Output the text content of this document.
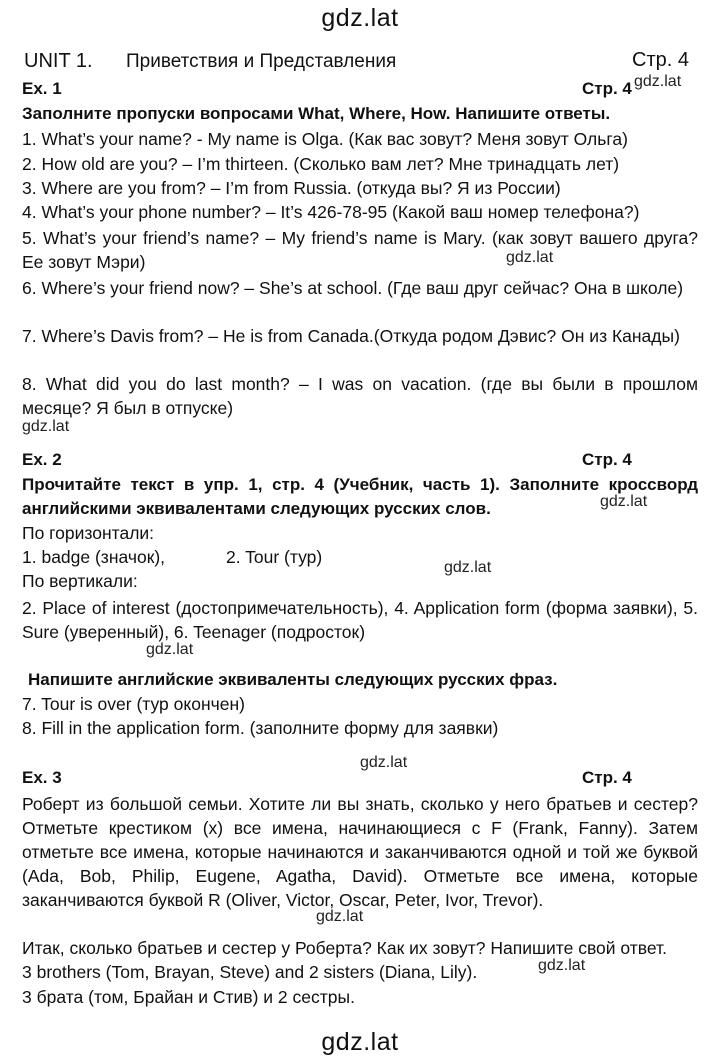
gdz.lat
UNIT 1. Приветствия и Представления	Стр. 4
Ex. 1	Стр. 4 gdz.lat
Заполните пропуски вопросами What, Where, How. Напишите ответы.
1. What’s your name? - My name is Olga. (Как вас зовут? Меня зовут Ольга)
2. How old are you? – I’m thirteen. (Сколько вам лет? Мне тринадцать лет)
3. Where are you from? – I’m from Russia. (откуда вы? Я из России)
4. What’s your phone number? – It’s 426-78-95 (Какой ваш номер телефона?)
5. What’s your friend’s name? – My friend’s name is Mary. (как зовут вашего друга? Ее зовут Мэри)	gdz.lat
6. Where’s your friend now? – She’s at school. (Где ваш друг сейчас? Она в школе)
7. Where’s Davis from? – He is from Canada.(Откуда родом Дэвис? Он из Канады)
8. What did you do last month? – I was on vacation. (где вы были в прошлом месяце? Я был в отпуске)
gdz.lat
Ex. 2	Стр. 4
Прочитайте текст в упр. 1, стр. 4 (Учебник, часть 1). Заполните кроссворд английскими эквивалентами следующих русских слов.	gdz.lat
По горизонтали:
1. badge (значок),	2. Tour (тур)
gdz.lat
По вертикали:
2. Place of interest (достопримечательность), 4. Application form (форма заявки), 5. Sure (уверенный), 6. Teenager (подросток)
gdz.lat
Напишите английские эквиваленты следующих русских фраз.
7. Tour is over (тур окончен)
8. Fill in the application form. (заполните форму для заявки)
gdz.lat
Ex. 3	Стр. 4
Роберт из большой семьи. Хотите ли вы знать, сколько у него братьев и сестер? Отметьте крестиком (x) все имена, начинающиеся с F (Frank, Fanny). Затем отметьте все имена, которые начинаются и заканчиваются одной и той же буквой (Ada, Bob, Philip, Eugene, Agatha, David). Отметьте все имена, которые заканчиваются буквой R (Oliver, Victor, Oscar, Peter, Ivor, Trevor).
gdz.lat
Итак, сколько братьев и сестер у Роберта? Как их зовут? Напишите свой ответ.
gdz.lat
3 brothers (Tom, Brayan, Steve) and 2 sisters (Diana, Lily).
3 брата (том, Брайан и Стив) и 2 сестры.
gdz.lat
